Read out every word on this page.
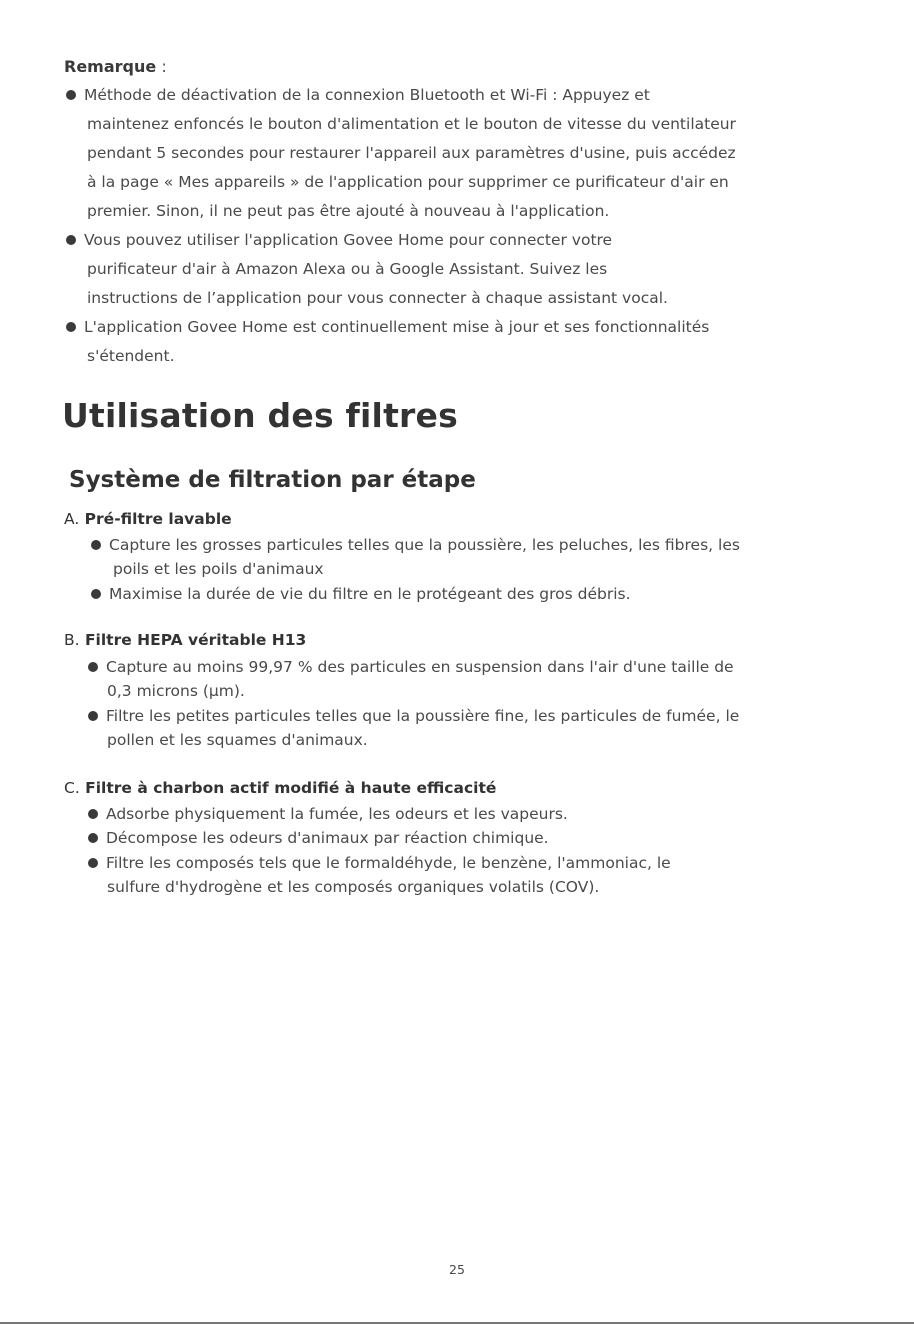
Remarque :
Méthode de déactivation de la connexion Bluetooth et Wi-Fi : Appuyez et
maintenez enfoncés le bouton d'alimentation et le bouton de vitesse du ventilateur
pendant 5 secondes pour restaurer l'appareil aux paramètres d'usine, puis accédez
à la page « Mes appareils » de l'application pour supprimer ce purificateur d'air en
premier. Sinon, il ne peut pas être ajouté à nouveau à l'application.
Vous pouvez utiliser l'application Govee Home pour connecter votre
purificateur d'air à Amazon Alexa ou à Google Assistant. Suivez les
instructions de l’application pour vous connecter à chaque assistant vocal.
L'application Govee Home est continuellement mise à jour et ses fonctionnalités
s'étendent.
Utilisation des filtres
Système de filtration par étape
A. Pré-filtre lavable
Capture les grosses particules telles que la poussière, les peluches, les fibres, les
poils et les poils d'animaux
Maximise la durée de vie du filtre en le protégeant des gros débris.
B. Filtre HEPA véritable H13
Capture au moins 99,97 % des particules en suspension dans l'air d'une taille de
0,3 microns (μm).
Filtre les petites particules telles que la poussière fine, les particules de fumée, le
pollen et les squames d'animaux.
C. Filtre à charbon actif modifié à haute efficacité
Adsorbe physiquement la fumée, les odeurs et les vapeurs.
Décompose les odeurs d'animaux par réaction chimique.
Filtre les composés tels que le formaldéhyde, le benzène, l'ammoniac, le
sulfure d'hydrogène et les composés organiques volatils (COV).
25
